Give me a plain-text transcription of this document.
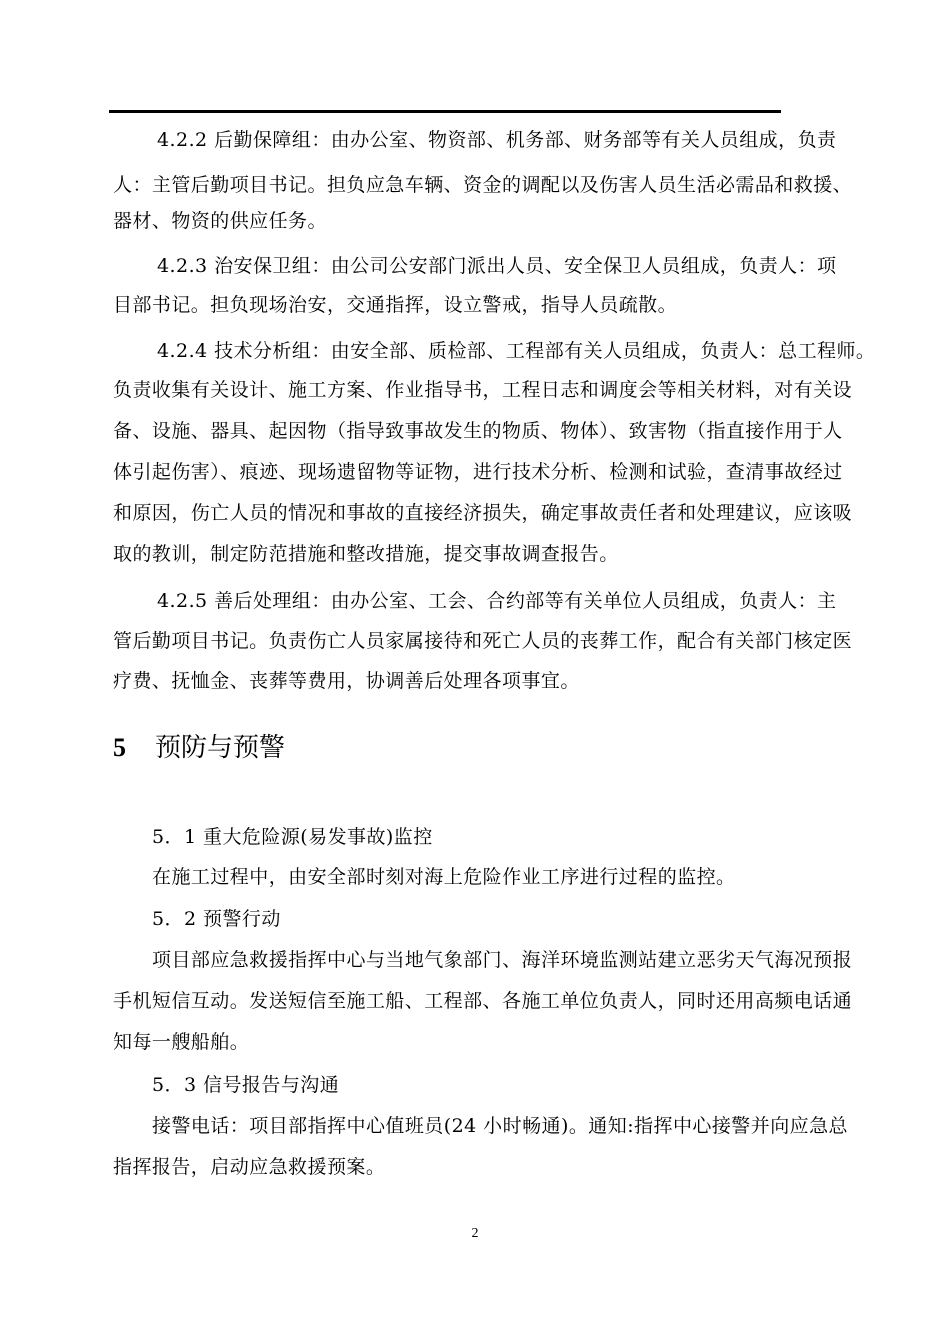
4.2.2 后勤保障组：由办公室、物资部、机务部、财务部等有关人员组成，负责
人：主管后勤项目书记。担负应急车辆、资金的调配以及伤害人员生活必需品和救援、
器材、物资的供应任务。
4.2.3 治安保卫组：由公司公安部门派出人员、安全保卫人员组成，负责人：项
目部书记。担负现场治安，交通指挥，设立警戒，指导人员疏散。
4.2.4 技术分析组：由安全部、质检部、工程部有关人员组成，负责人：总工程师。
负责收集有关设计、施工方案、作业指导书，工程日志和调度会等相关材料，对有关设
备、设施、器具、起因物（指导致事故发生的物质、物体）、致害物（指直接作用于人
体引起伤害）、痕迹、现场遗留物等证物，进行技术分析、检测和试验，查清事故经过
和原因，伤亡人员的情况和事故的直接经济损失，确定事故责任者和处理建议，应该吸
取的教训，制定防范措施和整改措施，提交事故调查报告。
4.2.5 善后处理组：由办公室、工会、合约部等有关单位人员组成，负责人：主
管后勤项目书记。负责伤亡人员家属接待和死亡人员的丧葬工作，配合有关部门核定医
疗费、抚恤金、丧葬等费用，协调善后处理各项事宜。
5 预防与预警
5．1 重大危险源(易发事故)监控
在施工过程中，由安全部时刻对海上危险作业工序进行过程的监控。
5．2 预警行动
项目部应急救援指挥中心与当地气象部门、海洋环境监测站建立恶劣天气海况预报
手机短信互动。发送短信至施工船、工程部、各施工单位负责人，同时还用高频电话通
知每一艘船舶。
5．3 信号报告与沟通
接警电话：项目部指挥中心值班员(24 小时畅通)。通知:指挥中心接警并向应急总
指挥报告，启动应急救援预案。
2
